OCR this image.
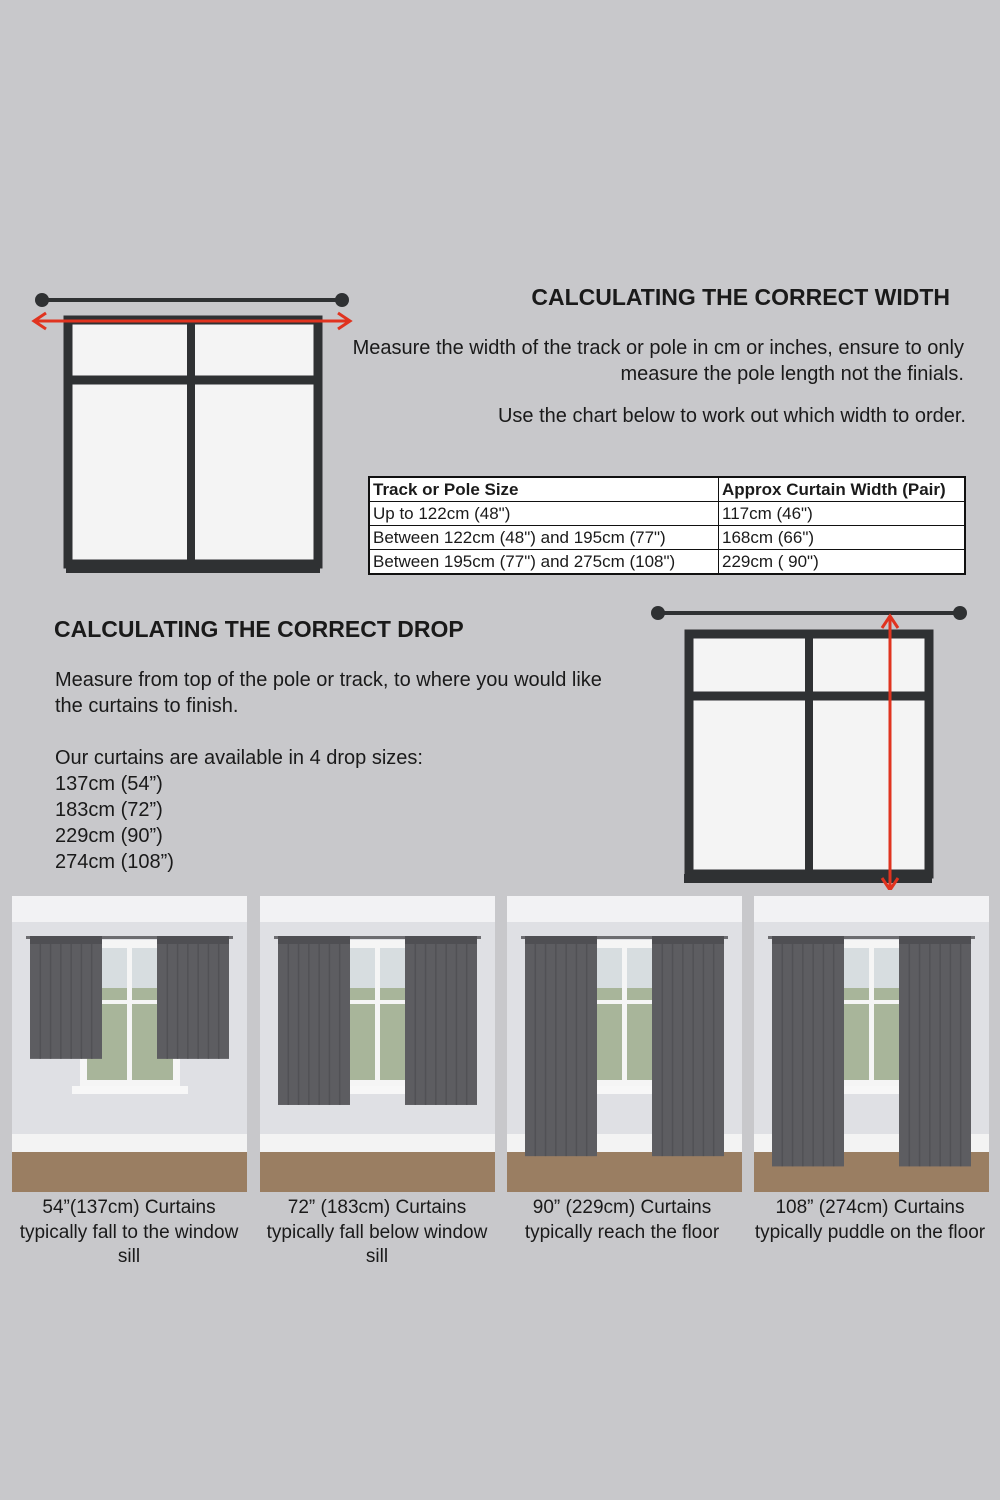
CALCULATING THE CORRECT WIDTH
Measure the width of the track or pole in cm or inches, ensure to only measure the pole length not the finials.
Use the chart below to work out which width to order.
Track or Pole Size	Approx Curtain Width (Pair)
Up to 122cm (48")	117cm (46")
Between 122cm (48") and 195cm (77")	168cm (66")
Between 195cm (77") and 275cm (108")	229cm ( 90")
CALCULATING THE CORRECT DROP
Measure from top of the pole or track, to where you would like the curtains to finish.
Our curtains are available in 4 drop sizes:
137cm (54”)
183cm (72”)
229cm (90”)
274cm (108”)
54”(137cm) Curtains typically fall to the window sill
72” (183cm) Curtains typically fall below window sill
90” (229cm) Curtains typically reach the floor
108” (274cm) Curtains typically puddle on the floor
